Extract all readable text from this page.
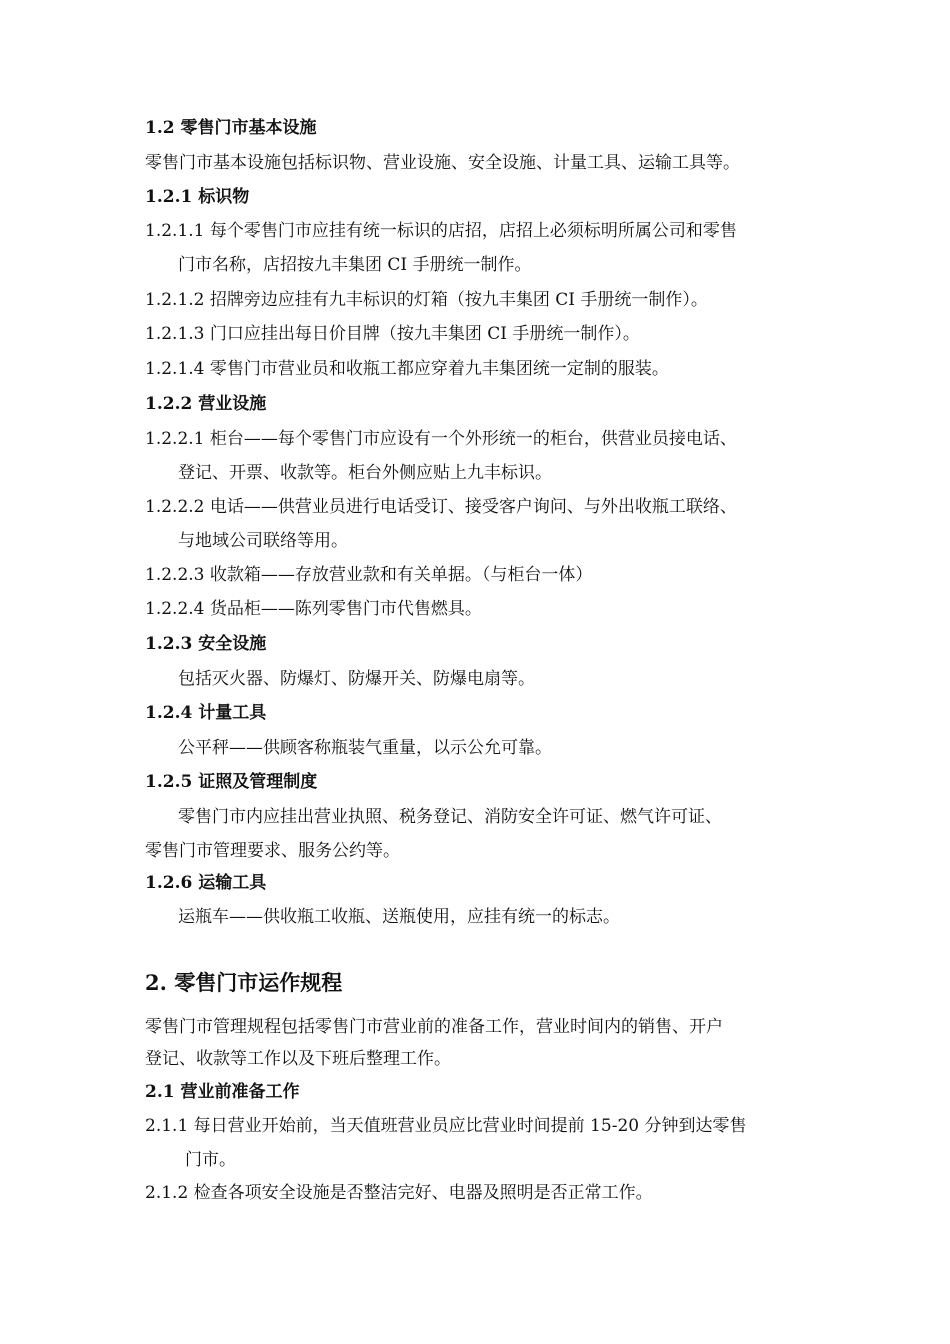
1.2 零售门市基本设施
零售门市基本设施包括标识物、营业设施、安全设施、计量工具、运输工具等。
1.2.1 标识物
1.2.1.1 每个零售门市应挂有统一标识的店招，店招上必须标明所属公司和零售
门市名称，店招按九丰集团 CI 手册统一制作。
1.2.1.2 招牌旁边应挂有九丰标识的灯箱（按九丰集团 CI 手册统一制作）。
1.2.1.3 门口应挂出每日价目牌（按九丰集团 CI 手册统一制作）。
1.2.1.4 零售门市营业员和收瓶工都应穿着九丰集团统一定制的服装。
1.2.2 营业设施
1.2.2.1 柜台——每个零售门市应设有一个外形统一的柜台，供营业员接电话、
登记、开票、收款等。柜台外侧应贴上九丰标识。
1.2.2.2 电话——供营业员进行电话受订、接受客户询问、与外出收瓶工联络、
与地域公司联络等用。
1.2.2.3 收款箱——存放营业款和有关单据。（与柜台一体）
1.2.2.4 货品柜——陈列零售门市代售燃具。
1.2.3 安全设施
包括灭火器、防爆灯、防爆开关、防爆电扇等。
1.2.4 计量工具
公平秤——供顾客称瓶装气重量，以示公允可靠。
1.2.5 证照及管理制度
零售门市内应挂出营业执照、税务登记、消防安全许可证、燃气许可证、
零售门市管理要求、服务公约等。
1.2.6 运输工具
运瓶车——供收瓶工收瓶、送瓶使用，应挂有统一的标志。
2. 零售门市运作规程
零售门市管理规程包括零售门市营业前的准备工作，营业时间内的销售、开户
登记、收款等工作以及下班后整理工作。
2.1 营业前准备工作
2.1.1 每日营业开始前，当天值班营业员应比营业时间提前 15-20 分钟到达零售
门市。
2.1.2 检查各项安全设施是否整洁完好、电器及照明是否正常工作。
